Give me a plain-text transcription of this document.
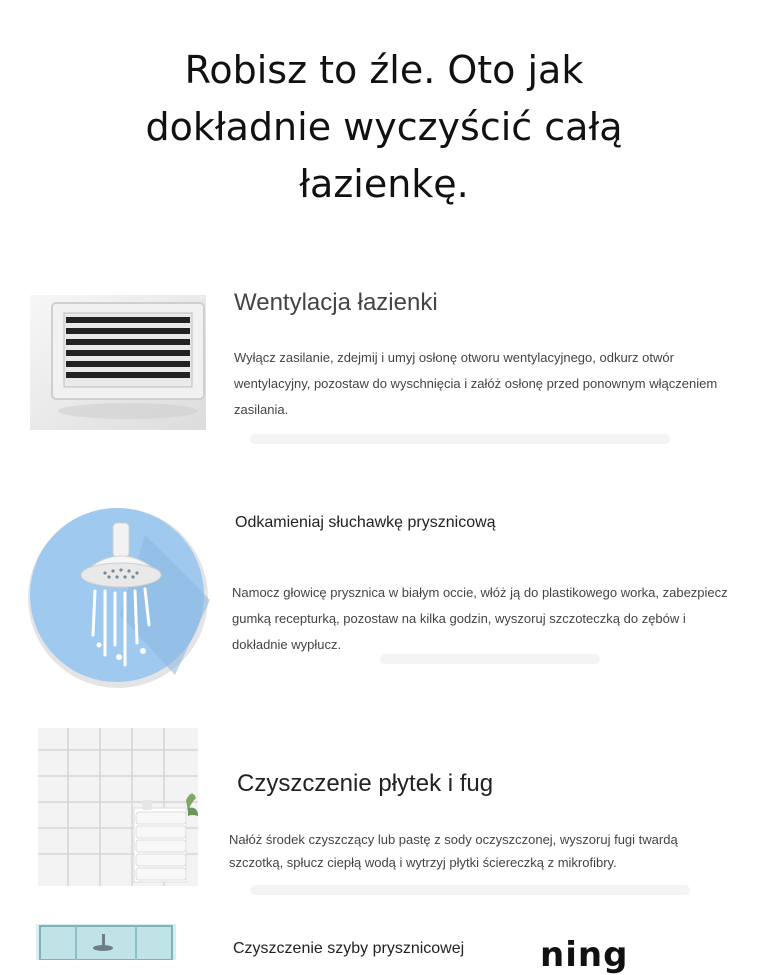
Robisz to źle. Oto jak dokładnie wyczyścić całą łazienkę.
Wentylacja łazienki

Wyłącz zasilanie, zdejmij i umyj osłonę otworu wentylacyjnego, odkurz otwór wentylacyjny, pozostaw do wyschnięcia i załóż osłonę przed ponownym włączeniem zasilania.

Odkamieniaj słuchawkę prysznicową

Namocz głowicę prysznica w białym occie, włóż ją do plastikowego worka, zabezpiecz gumką recepturką, pozostaw na kilka godzin, wyszoruj szczoteczką do zębów i dokładnie wypłucz.

Czyszczenie płytek i fug

Nałóż środek czyszczący lub pastę z sody oczyszczonej, wyszoruj fugi twardą szczotką, spłucz ciepłą wodą i wytrzyj płytki ściereczką z mikrofibry.

Czyszczenie szyby prysznicowej ning
